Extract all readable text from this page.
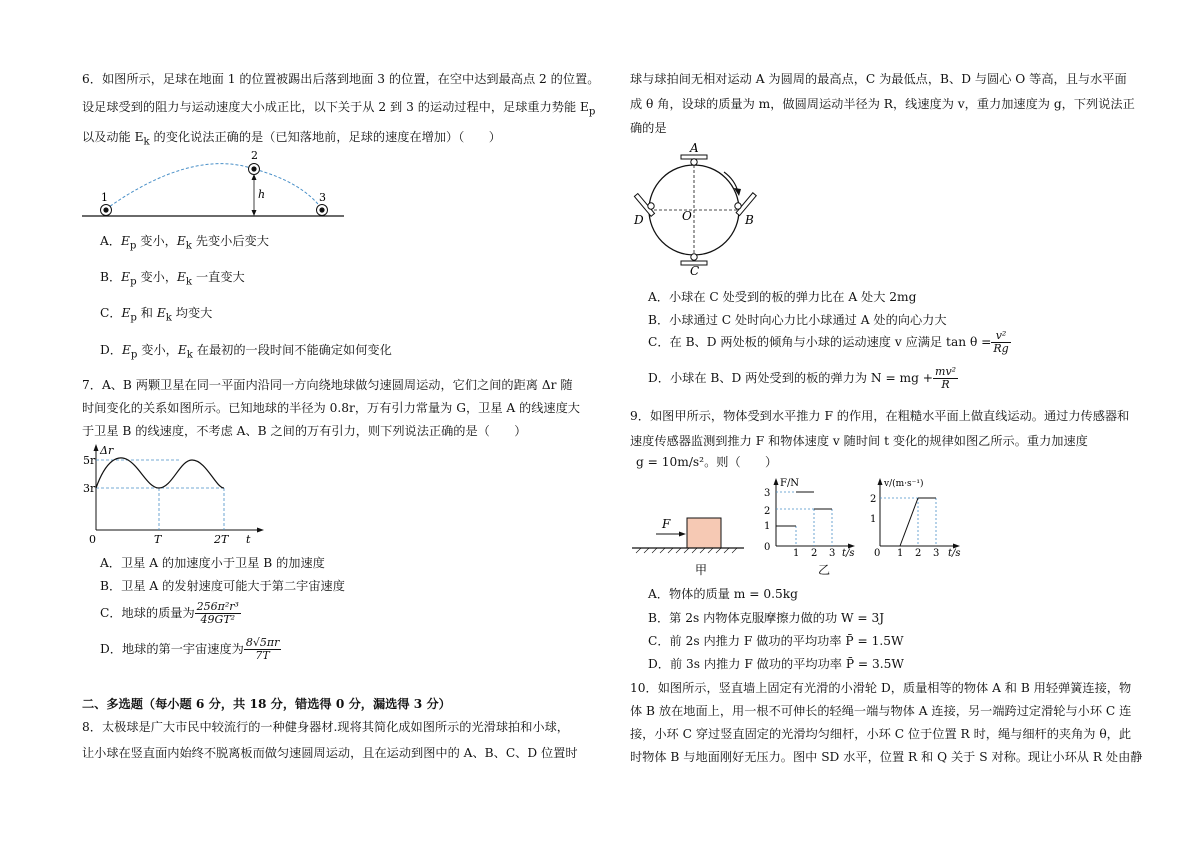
6．如图所示，足球在地面 1 的位置被踢出后落到地面 3 的位置，在空中达到最高点 2 的位置。
设足球受到的阻力与运动速度大小成正比，以下关于从 2 到 3 的运动过程中，足球重力势能 $E_p$
以及动能 $E_k$ 的变化说法正确的是（已知落地前，足球的速度在增加）（　　）
1
2
3
h
A．$E_p$ 变小，$E_k$ 先变小后变大
B．$E_p$ 变小，$E_k$ 一直变大
C．$E_p$ 和 $E_k$ 均变大
D．$E_p$ 变小，$E_k$ 在最初的一段时间不能确定如何变化
7．A、B 两颗卫星在同一平面内沿同一方向绕地球做匀速圆周运动，它们之间的距离 Δr 随
时间变化的关系如图所示。已知地球的半径为 0.8r，万有引力常量为 G，卫星 A 的线速度大
于卫星 B 的线速度，不考虑 A、B 之间的万有引力，则下列说法正确的是（　　）
Δr
5r
3r
0	T	2T t
A．卫星 A 的加速度小于卫星 B 的加速度
B．卫星 A 的发射速度可能大于第二宇宙速度
C．地球的质量为 $\frac{\text{256π²r³}}{\text{49GT²}}$
D．地球的第一宇宙速度为 $\frac{8√5\pi r}{7T}$
二、多选题（每小题 6 分，共 18 分，错选得 0 分，漏选得 3 分）
8．太极球是广大市民中较流行的一种健身器材.现将其简化成如图所示的光滑球拍和小球，
让小球在竖直面内始终不脱离板而做匀速圆周运动，且在运动到图中的 A、B、C、D 位置时
球与球拍间无相对运动 A 为圆周的最高点，C 为最低点，B、D 与圆心 O 等高，且与水平面
成 θ 角，设球的质量为 m，做圆周运动半径为 R，线速度为 v，重力加速度为 g，下列说法正
确的是
A
B
C
D	O
A．小球在 C 处受到的板的弹力比在 A 处大 2mg
B．小球通过 C 处时向心力比小球通过 A 处的向心力大
C．在 B、D 两处板的倾角与小球的运动速度 v 应满足 $\tan \theta = \frac{\text{v²}}{Rg}$
D．小球在 B、D 两处受到的板的弹力为 N = mg + $\frac{\text{mv²}}{R}$
9．如图甲所示，物体受到水平推力 F 的作用，在粗糙水平面上做直线运动。通过力传感器和
速度传感器监测到推力 F 和物体速度 v 随时间 t 变化的规律如图乙所示。重力加速度
g = 10m/s²。则（　　）
F
甲
F/N
3
2
1
0
1 2 3 t/s
v/(m·s⁻¹)
2
1
0 1 2 3 t/s
乙
A．物体的质量 m = 0.5kg
B．第 2s 内物体克服摩擦力做的功 W = 3J
C．前 2s 内推力 F 做功的平均功率 P̄ = 1.5W
D．前 3s 内推力 F 做功的平均功率 P̄ = 3.5W
10．如图所示，竖直墙上固定有光滑的小滑轮 D，质量相等的物体 A 和 B 用轻弹簧连接，物
体 B 放在地面上，用一根不可伸长的轻绳一端与物体 A 连接，另一端跨过定滑轮与小环 C 连
接，小环 C 穿过竖直固定的光滑均匀细杆，小环 C 位于位置 R 时，绳与细杆的夹角为 θ，此
时物体 B 与地面刚好无压力。图中 SD 水平，位置 R 和 Q 关于 S 对称。现让小环从 R 处由静
